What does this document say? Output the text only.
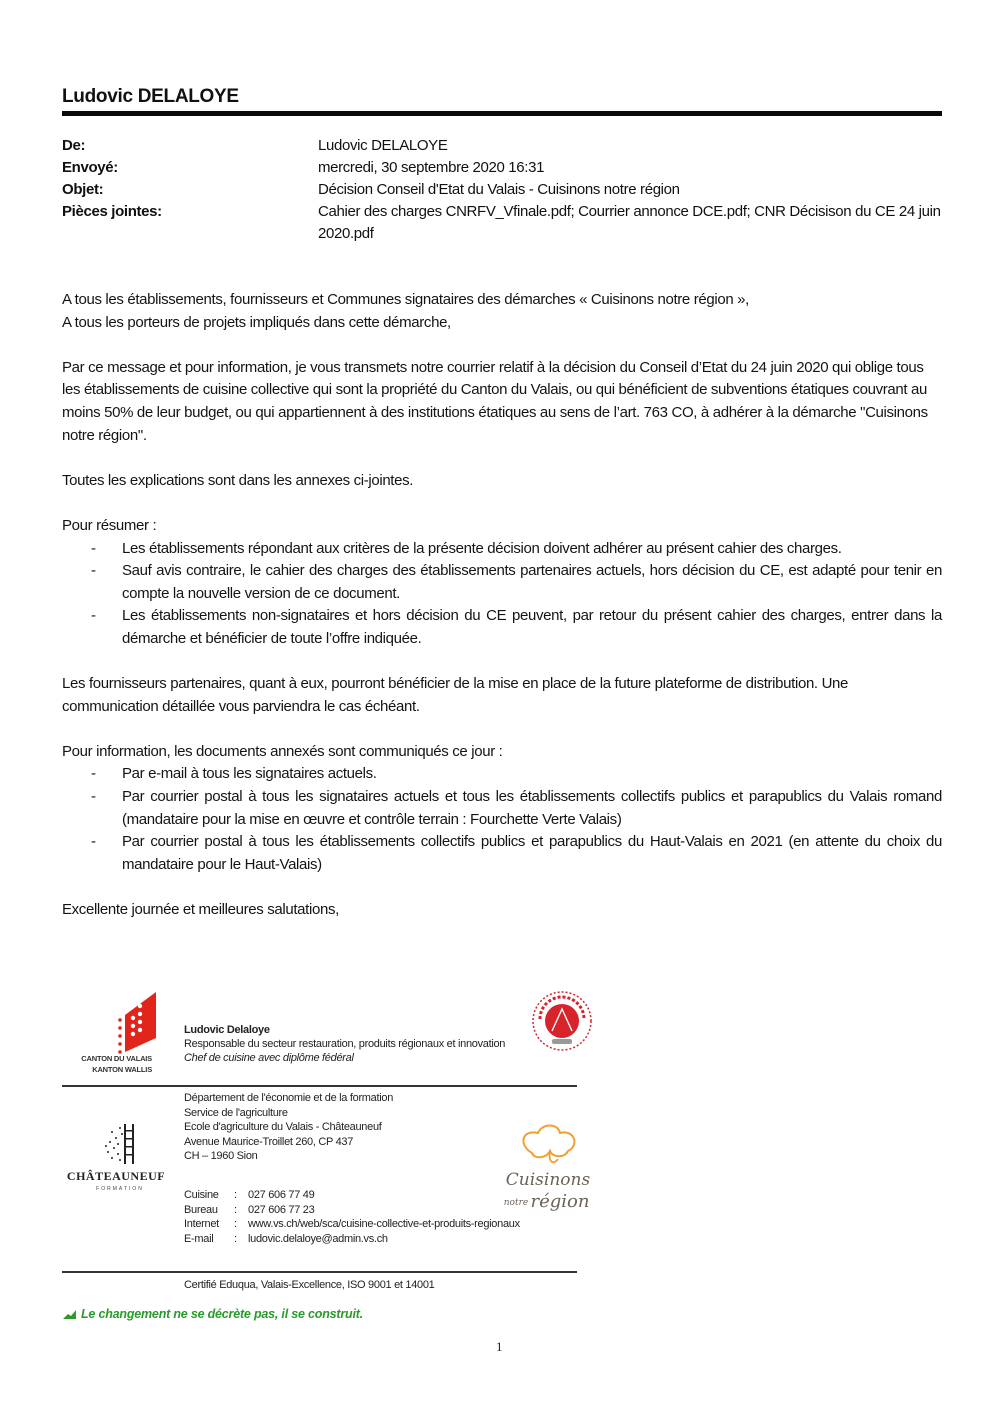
Ludovic DELALOYE
De:	Ludovic DELALOYE
Envoyé:	mercredi, 30 septembre 2020 16:31
Objet:	Décision Conseil d'Etat du Valais - Cuisinons notre région
Pièces jointes:	Cahier des charges CNRFV_Vfinale.pdf; Courrier annonce DCE.pdf; CNR Décisison du CE 24 juin 2020.pdf

A tous les établissements, fournisseurs et Communes signataires des démarches « Cuisinons notre région »,

A tous les porteurs de projets impliqués dans cette démarche,

Par ce message et pour information, je vous transmets notre courrier relatif à la décision du Conseil d’Etat du 24 juin 2020 qui oblige tous les établissements de cuisine collective qui sont la propriété du Canton du Valais, ou qui bénéficient de subventions étatiques couvrant au moins 50% de leur budget, ou qui appartiennent à des institutions étatiques au sens de l’art. 763 CO, à adhérer à la démarche "Cuisinons notre région".

Toutes les explications sont dans les annexes ci-jointes.

Pour résumer :

- Les établissements répondant aux critères de la présente décision doivent adhérer au présent cahier des charges.
- Sauf avis contraire, le cahier des charges des établissements partenaires actuels, hors décision du CE, est adapté pour tenir en compte la nouvelle version de ce document.
- Les établissements non-signataires et hors décision du CE peuvent, par retour du présent cahier des charges, entrer dans la démarche et bénéficier de toute l’offre indiquée.

Les fournisseurs partenaires, quant à eux, pourront bénéficier de la mise en place de la future plateforme de distribution. Une communication détaillée vous parviendra le cas échéant.

Pour information, les documents annexés sont communiqués ce jour :

- Par e-mail à tous les signataires actuels.
- Par courrier postal à tous les signataires actuels et tous les établissements collectifs publics et parapublics du Valais romand (mandataire pour la mise en œuvre et contrôle terrain : Fourchette Verte Valais)
- Par courrier postal à tous les établissements collectifs publics et parapublics du Haut-Valais en 2021 (en attente du choix du mandataire pour le Haut-Valais)

Excellente journée et meilleures salutations,

CANTON DU VALAIS
KANTON WALLIS
Ludovic Delaloye
Responsable du secteur restauration, produits régionaux et innovation
Chef de cuisine avec diplôme fédéral
Département de l'économie et de la formation
Service de l'agriculture
Ecole d'agriculture du Valais - Châteauneuf
Avenue Maurice-Troillet 260, CP 437
CH – 1960 Sion
CHÂTEAUNEUF
FORMATION	Cuisinons
notre région
Cuisine	:	027 606 77 49
Bureau	:	027 606 77 23
Internet	:	www.vs.ch/web/sca/cuisine-collective-et-produits-regionaux
E-mail	:	ludovic.delaloye@admin.vs.ch
Certifié Eduqua, Valais-Excellence, ISO 9001 et 14001
Le changement ne se décrète pas, il se construit.
1
